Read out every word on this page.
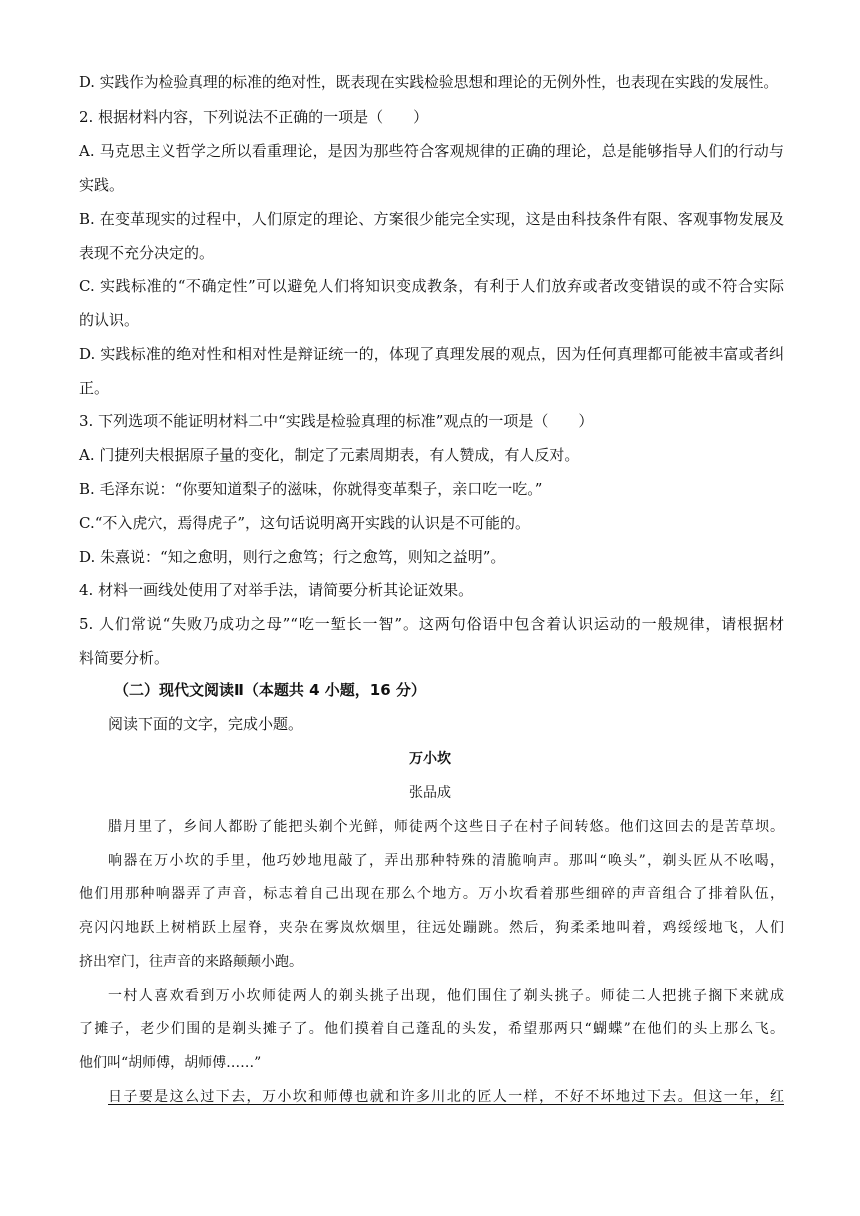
D. 实践作为检验真理的标准的绝对性，既表现在实践检验思想和理论的无例外性，也表现在实践的发展性。
2. 根据材料内容，下列说法不正确的一项是（　　）
A. 马克思主义哲学之所以看重理论，是因为那些符合客观规律的正确的理论，总是能够指导人们的行动与
实践。
B. 在变革现实的过程中，人们原定的理论、方案很少能完全实现，这是由科技条件有限、客观事物发展及
表现不充分决定的。
C. 实践标准的“不确定性”可以避免人们将知识变成教条，有利于人们放弃或者改变错误的或不符合实际
的认识。
D. 实践标准的绝对性和相对性是辩证统一的，体现了真理发展的观点，因为任何真理都可能被丰富或者纠
正。
3. 下列选项不能证明材料二中“实践是检验真理的标准”观点的一项是（　　）
A. 门捷列夫根据原子量的变化，制定了元素周期表，有人赞成，有人反对。
B. 毛泽东说：“你要知道梨子的滋味，你就得变革梨子，亲口吃一吃。”
C.“不入虎穴，焉得虎子”，这句话说明离开实践的认识是不可能的。
D. 朱熹说：“知之愈明，则行之愈笃；行之愈笃，则知之益明”。
4. 材料一画线处使用了对举手法，请简要分析其论证效果。
5. 人们常说“失败乃成功之母”“吃一堑长一智”。这两句俗语中包含着认识运动的一般规律，请根据材
料简要分析。
（二）现代文阅读Ⅱ（本题共 4 小题，16 分）
阅读下面的文字，完成小题。
万小坎
张品成
腊月里了，乡间人都盼了能把头剃个光鲜，师徒两个这些日子在村子间转悠。他们这回去的是苦草坝。
响器在万小坎的手里，他巧妙地甩敲了，弄出那种特殊的清脆响声。那叫“唤头”，剃头匠从不吆喝，
他们用那种响器弄了声音，标志着自己出现在那么个地方。万小坎看着那些细碎的声音组合了排着队伍，
亮闪闪地跃上树梢跃上屋脊，夹杂在雾岚炊烟里，往远处蹦跳。然后，狗柔柔地叫着，鸡绥绥地飞，人们
挤出窄门，往声音的来路颠颠小跑。
一村人喜欢看到万小坎师徒两人的剃头挑子出现，他们围住了剃头挑子。师徒二人把挑子搁下来就成
了摊子，老少们围的是剃头摊子了。他们摸着自己蓬乱的头发，希望那两只“蝴蝶”在他们的头上那么飞。
他们叫“胡师傅，胡师傅……”
日子要是这么过下去，万小坎和师傅也就和许多川北的匠人一样，不好不坏地过下去。但这一年，红
